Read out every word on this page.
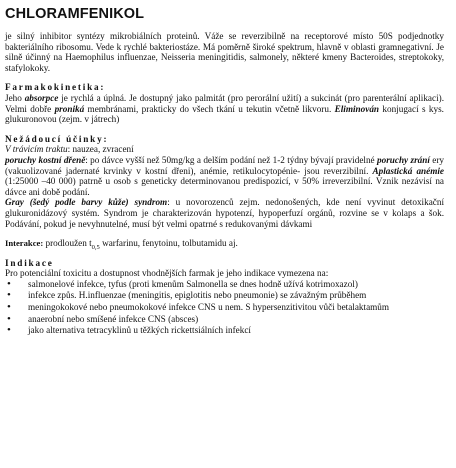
CHLORAMFENIKOL

je silný inhibitor syntézy mikrobiálních proteinů. Váže se reverzibilně na receptorové místo 50S podjednotky bakteriálního ribosomu. Vede k rychlé bakteriostáze. Má poměrně široké spektrum, hlavně v oblasti gramnegativní. Je silně účinný na Haemophilus influenzae, Neisseria meningitidis, salmonely, některé kmeny Bacteroides, streptokoky, stafylokoky.

Farmakokinetika:

Jeho absorpce je rychlá a úplná. Je dostupný jako palmitát (pro perorální užití) a sukcinát (pro parenterální aplikaci). Velmi dobře proniká membránami, prakticky do všech tkání u tekutin včetně likvoru. Eliminován konjugací s kys. glukuronovou (zejm. v játrech)

Nežádoucí účinky:

V trávicím traktu: nauzea, zvracení

poruchy kostní dřeně: po dávce vyšší než 50mg/kg a delším podání než 1-2 týdny bývají pravidelné poruchy zrání ery (vakuolizované jadernaté krvinky v kostní dřeni), anémie, retikulocytopénie- jsou reverzibilní. Aplastická anémie (1:25000 –40 000) patrně u osob s geneticky determinovanou predispozicí, v 50% irreverzibilní. Vznik nezávisí na dávce ani době podání.

Gray (šedý podle barvy kůže) syndrom: u novorozenců zejm. nedonošených, kde není vyvinut detoxikační glukuronidázový systém. Syndrom je charakterizován hypotenzí, hypoperfuzí orgánů, rozvine se v kolaps a šok. Podávání, pokud je nevyhnutelné, musí být velmi opatrné s redukovanými dávkami

Interakce: prodloužen $t_{0,5}$ warfarinu, fenytoinu, tolbutamidu aj.

Indikace

Pro potenciální toxicitu a dostupnost vhodnějších farmak je jeho indikace vymezena na:

• salmonelové infekce, tyfus (proti kmenům Salmonella se dnes hodně užívá kotrimoxazol)
• infekce způs. H.influenzae (meningitis, epiglotitis nebo pneumonie) se závažným průběhem
• meningokokové nebo pneumokokové infekce CNS u nem. S hypersenzitivitou vůči betalaktamům
• anaerobní nebo smíšené infekce CNS (absces)
• jako alternativa tetracyklinů u těžkých rickettsiálních infekcí
